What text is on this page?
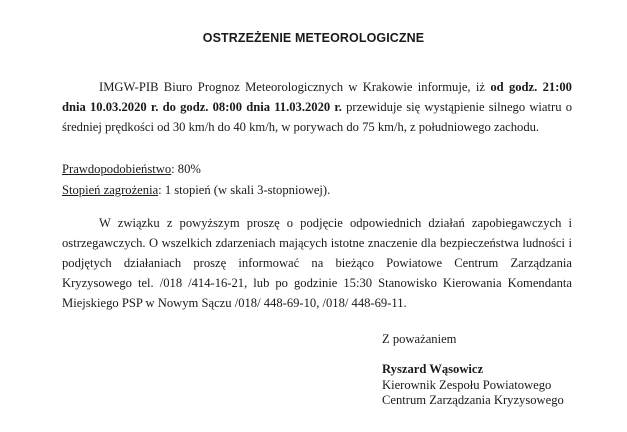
OSTRZEŻENIE METEOROLOGICZNE
IMGW-PIB Biuro Prognoz Meteorologicznych w Krakowie informuje, iż od godz. 21:00 dnia 10.03.2020 r. do godz. 08:00 dnia 11.03.2020 r. przewiduje się wystąpienie silnego wiatru o średniej prędkości od 30 km/h do 40 km/h, w porywach do 75 km/h, z południowego zachodu.
Prawdopodobieństwo: 80%
Stopień zagrożenia: 1 stopień (w skali 3-stopniowej).
W związku z powyższym proszę o podjęcie odpowiednich działań zapobiegawczych i ostrzegawczych. O wszelkich zdarzeniach mających istotne znaczenie dla bezpieczeństwa ludności i podjętych działaniach proszę informować na bieżąco Powiatowe Centrum Zarządzania Kryzysowego tel. /018 /414-16-21, lub po godzinie 15:30 Stanowisko Kierowania Komendanta Miejskiego PSP w Nowym Sączu /018/ 448-69-10, /018/ 448-69-11.
Z poważaniem
Ryszard Wąsowicz
Kierownik Zespołu Powiatowego
Centrum Zarządzania Kryzysowego
